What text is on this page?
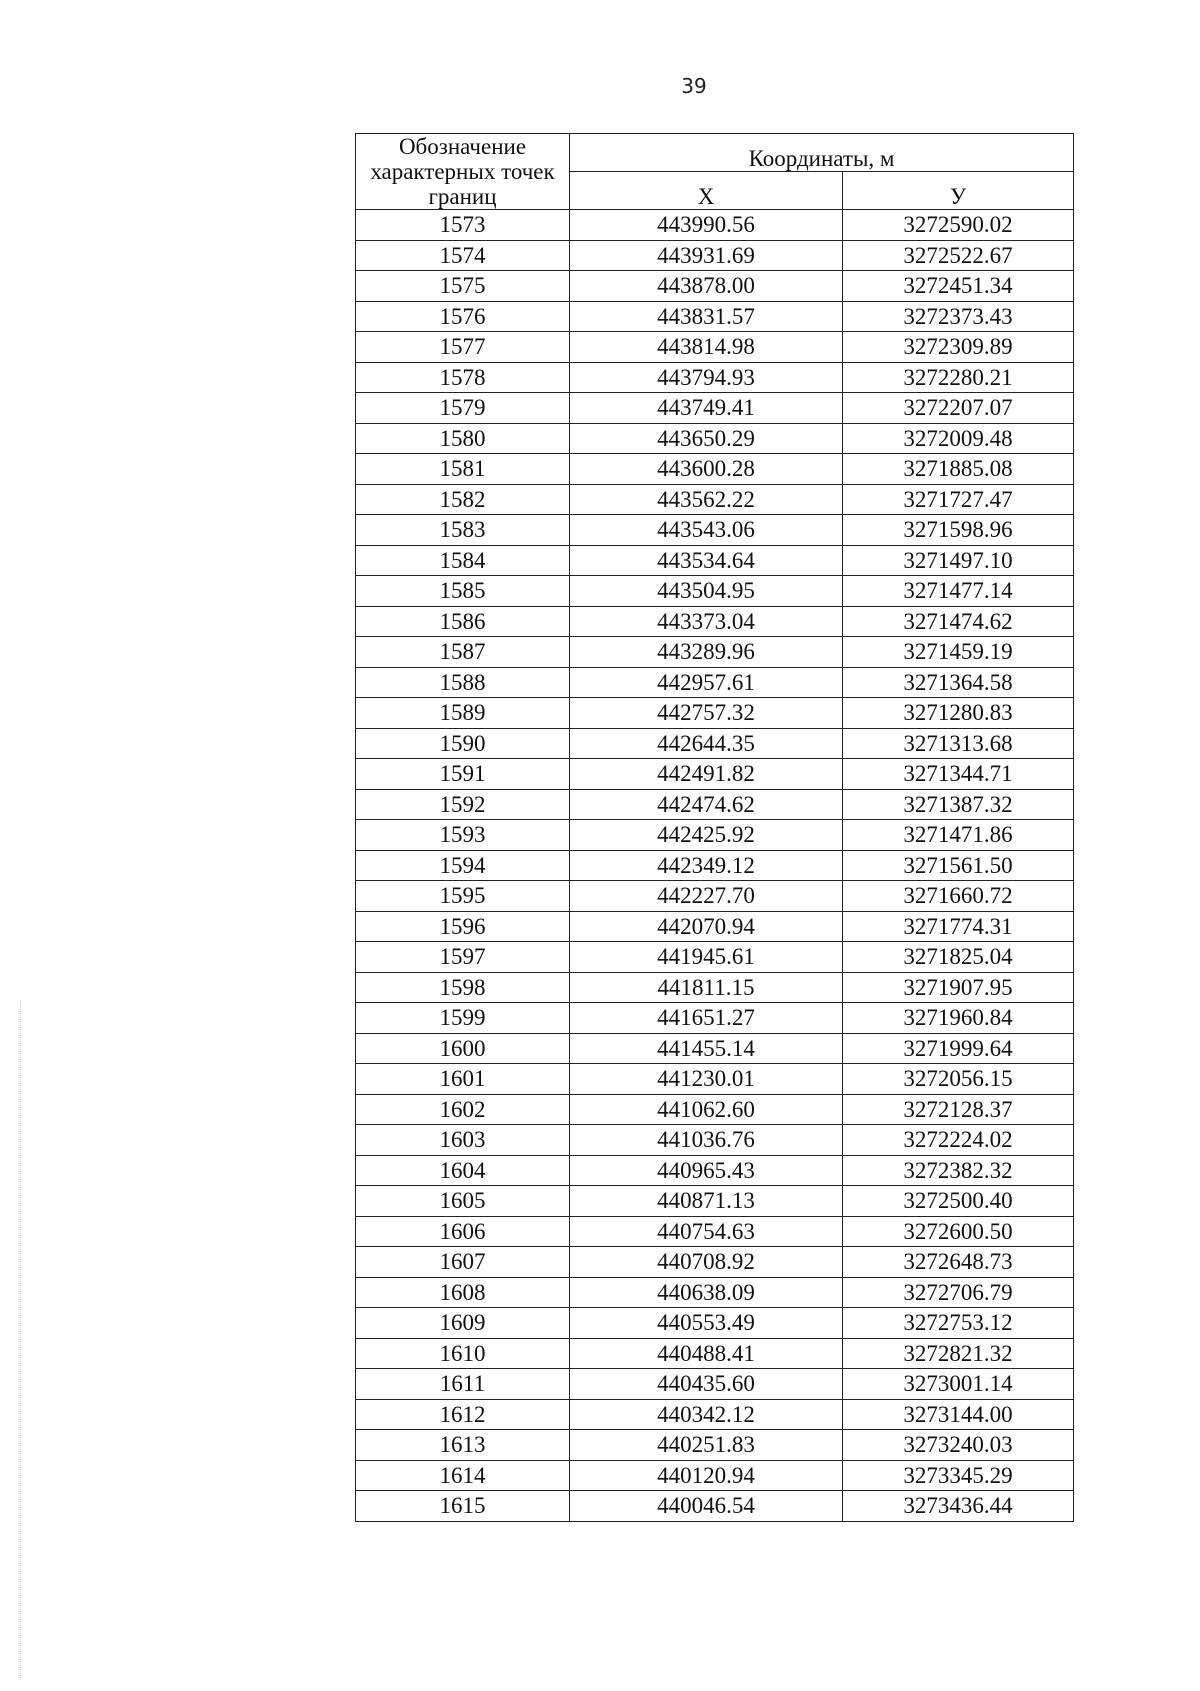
39
Обозначение характерных точек границ	Координаты, м	
	Х	У
1573	443990.56	3272590.02
1574	443931.69	3272522.67
1575	443878.00	3272451.34
1576	443831.57	3272373.43
1577	443814.98	3272309.89
1578	443794.93	3272280.21
1579	443749.41	3272207.07
1580	443650.29	3272009.48
1581	443600.28	3271885.08
1582	443562.22	3271727.47
1583	443543.06	3271598.96
1584	443534.64	3271497.10
1585	443504.95	3271477.14
1586	443373.04	3271474.62
1587	443289.96	3271459.19
1588	442957.61	3271364.58
1589	442757.32	3271280.83
1590	442644.35	3271313.68
1591	442491.82	3271344.71
1592	442474.62	3271387.32
1593	442425.92	3271471.86
1594	442349.12	3271561.50
1595	442227.70	3271660.72
1596	442070.94	3271774.31
1597	441945.61	3271825.04
1598	441811.15	3271907.95
1599	441651.27	3271960.84
1600	441455.14	3271999.64
1601	441230.01	3272056.15
1602	441062.60	3272128.37
1603	441036.76	3272224.02
1604	440965.43	3272382.32
1605	440871.13	3272500.40
1606	440754.63	3272600.50
1607	440708.92	3272648.73
1608	440638.09	3272706.79
1609	440553.49	3272753.12
1610	440488.41	3272821.32
1611	440435.60	3273001.14
1612	440342.12	3273144.00
1613	440251.83	3273240.03
1614	440120.94	3273345.29
1615	440046.54	3273436.44
